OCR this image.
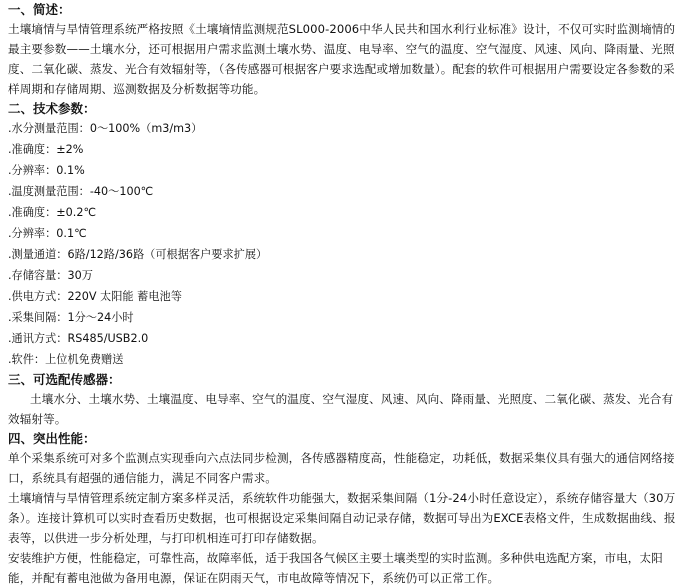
一、简述：
土壤墒情与旱情管理系统严格按照《土壤墒情监测规范SL000-2006中华人民共和国水利行业标准》设计，不仅可实时监测墒情的最主要参数——土壤水分，还可根据用户需求监测土壤水势、温度、电导率、空气的温度、空气湿度、风速、风向、降雨量、光照度、二氧化碳、蒸发、光合有效辐射等，（各传感器可根据客户要求选配或增加数量）。配套的软件可根据用户需要设定各参数的采样周期和存储周期、巡测数据及分析数据等功能。
二、技术参数：
.水分测量范围：0～100%（m3/m3）
.准确度：±2%
.分辨率：0.1%
.温度测量范围：-40～100℃
.准确度：±0.2℃
.分辨率：0.1℃
.测量通道：6路/12路/36路（可根据客户要求扩展）
.存储容量：30万
.供电方式：220V 太阳能 蓄电池等
.采集间隔：1分～24小时
.通讯方式：RS485/USB2.0
.软件：上位机免费赠送
三、可选配传感器：
土壤水分、土壤水势、土壤温度、电导率、空气的温度、空气湿度、风速、风向、降雨量、光照度、二氧化碳、蒸发、光合有效辐射等。
四、突出性能：
单个采集系统可对多个监测点实现垂向六点法同步检测，各传感器精度高，性能稳定，功耗低，数据采集仪具有强大的通信网络接口，系统具有超强的通信能力，满足不同客户需求。
土壤墒情与旱情管理系统定制方案多样灵活，系统软件功能强大，数据采集间隔（1分-24小时任意设定），系统存储容量大（30万条）。连接计算机可以实时查看历史数据，也可根据设定采集间隔自动记录存储，数据可导出为EXCE表格文件，生成数据曲线、报表等，以供进一步分析处理，与打印机相连可打印存储数据。
安装维护方便，性能稳定，可靠性高，故障率低，适于我国各气候区主要土壤类型的实时监测。多种供电选配方案，市电，太阳能，并配有蓄电池做为备用电源，保证在阴雨天气，市电故障等情况下，系统仍可以正常工作。
